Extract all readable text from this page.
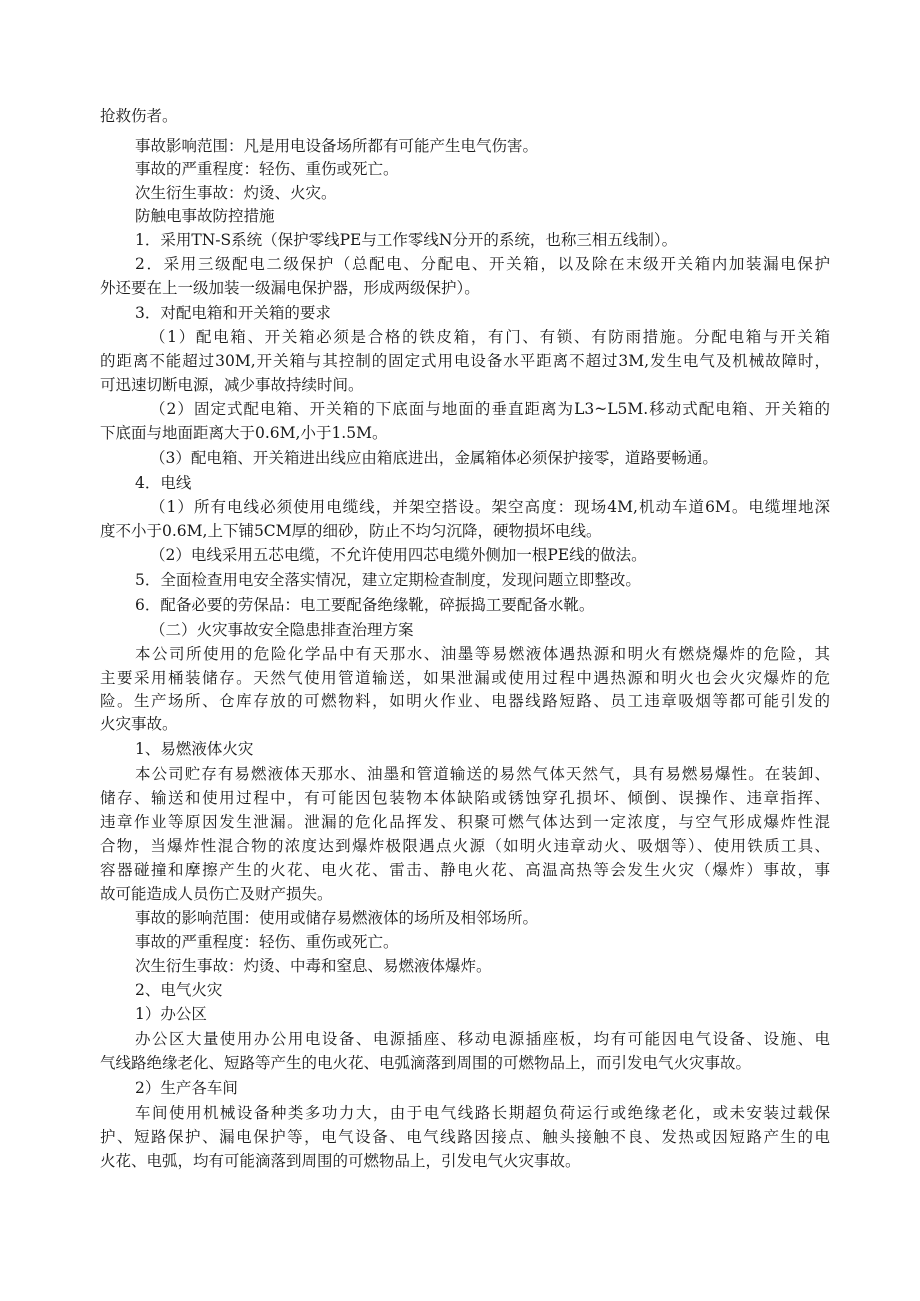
抢救伤者。
事故影响范围：凡是用电设备场所都有可能产生电气伤害。
事故的严重程度：轻伤、重伤或死亡。
次生衍生事故：灼烫、火灾。
防触电事故防控措施
1．采用TN-S系统（保护零线PE与工作零线N分开的系统，也称三相五线制）。
2．采用三级配电二级保护（总配电、分配电、开关箱，以及除在末级开关箱内加装漏电保护
外还要在上一级加装一级漏电保护器，形成两级保护）。
3．对配电箱和开关箱的要求
（1）配电箱、开关箱必须是合格的铁皮箱，有门、有锁、有防雨措施。分配电箱与开关箱
的距离不能超过30M,开关箱与其控制的固定式用电设备水平距离不超过3M,发生电气及机械故障时，
可迅速切断电源，减少事故持续时间。
（2）固定式配电箱、开关箱的下底面与地面的垂直距离为L3~L5M.移动式配电箱、开关箱的
下底面与地面距离大于0.6M,小于1.5M。
（3）配电箱、开关箱进出线应由箱底进出，金属箱体必须保护接零，道路要畅通。
4．电线
（1）所有电线必须使用电缆线，并架空搭设。架空高度：现场4M,机动车道6M。电缆埋地深
度不小于0.6M,上下铺5CM厚的细砂，防止不均匀沉降，硬物损坏电线。
（2）电线采用五芯电缆，不允许使用四芯电缆外侧加一根PE线的做法。
5．全面检查用电安全落实情况，建立定期检查制度，发现问题立即整改。
6．配备必要的劳保品：电工要配备绝缘靴，碎振捣工要配备水靴。
（二）火灾事故安全隐患排查治理方案
本公司所使用的危险化学品中有天那水、油墨等易燃液体遇热源和明火有燃烧爆炸的危险，其
主要采用桶装储存。天然气使用管道输送，如果泄漏或使用过程中遇热源和明火也会火灾爆炸的危
险。生产场所、仓库存放的可燃物料，如明火作业、电器线路短路、员工违章吸烟等都可能引发的
火灾事故。
1、易燃液体火灾
本公司贮存有易燃液体天那水、油墨和管道输送的易然气体天然气，具有易燃易爆性。在装卸、
储存、输送和使用过程中，有可能因包装物本体缺陷或锈蚀穿孔损坏、倾倒、误操作、违章指挥、
违章作业等原因发生泄漏。泄漏的危化品挥发、积聚可燃气体达到一定浓度，与空气形成爆炸性混
合物，当爆炸性混合物的浓度达到爆炸极限遇点火源（如明火违章动火、吸烟等）、使用铁质工具、
容器碰撞和摩擦产生的火花、电火花、雷击、静电火花、高温高热等会发生火灾（爆炸）事故，事
故可能造成人员伤亡及财产损失。
事故的影响范围：使用或储存易燃液体的场所及相邻场所。
事故的严重程度：轻伤、重伤或死亡。
次生衍生事故：灼烫、中毒和窒息、易燃液体爆炸。
2、电气火灾
1）办公区
办公区大量使用办公用电设备、电源插座、移动电源插座板，均有可能因电气设备、设施、电
气线路绝缘老化、短路等产生的电火花、电弧滴落到周围的可燃物品上，而引发电气火灾事故。
2）生产各车间
车间使用机械设备种类多功力大，由于电气线路长期超负荷运行或绝缘老化，或未安装过载保
护、短路保护、漏电保护等，电气设备、电气线路因接点、触头接触不良、发热或因短路产生的电
火花、电弧，均有可能滴落到周围的可燃物品上，引发电气火灾事故。
